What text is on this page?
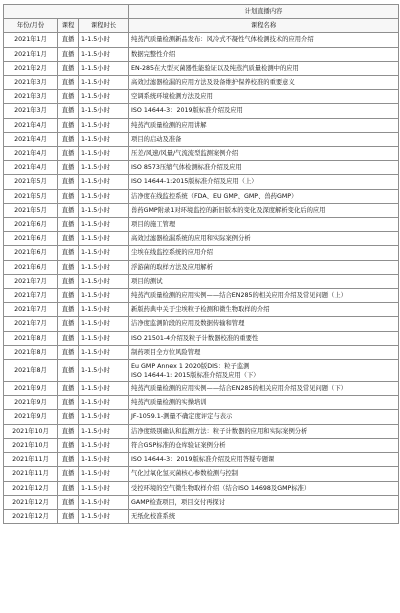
			计划直播内容
年份/月份	课程	课程时长	课程名称
2021年1月	直播	1-1.5小时	纯蒸汽质量检测新品发布：风冷式不凝性气体检测技术的应用介绍
2021年1月	直播	1-1.5小时	数据完整性介绍
2021年2月	直播	1-1.5小时	EN-285在大型灭菌器性能验证以及纯蒸汽质量检测中的应用
2021年3月	直播	1-1.5小时	高效过滤器检漏的应用方法及设备维护保养校准的重要意义
2021年3月	直播	1-1.5小时	空调系统环境检测方法及应用
2021年3月	直播	1-1.5小时	ISO 14644-3：2019版标准介绍及应用
2021年4月	直播	1-1.5小时	纯蒸汽质量检测的应用讲解
2021年4月	直播	1-1.5小时	项目的启动及准备
2021年4月	直播	1-1.5小时	压差/风速/风量/气流流型监测案例介绍
2021年4月	直播	1-1.5小时	ISO 8573压缩气体检测标准介绍及应用
2021年5月	直播	1-1.5小时	ISO 14644-1:2015版标准介绍及应用（上）
2021年5月	直播	1-1.5小时	洁净度在线监控系统（FDA、EU GMP、GMP、兽药GMP）
2021年5月	直播	1-1.5小时	兽药GMP附录1对环境监控的新旧版本的变化及深度解析变化后的应用
2021年6月	直播	1-1.5小时	项目的施工管理
2021年6月	直播	1-1.5小时	高效过滤器检漏系统的应用和实际案例分析
2021年6月	直播	1-1.5小时	尘埃在线监控系统的应用介绍
2021年6月	直播	1-1.5小时	浮游菌的取样方法及应用解析
2021年7月	直播	1-1.5小时	项目的测试
2021年7月	直播	1-1.5小时	纯蒸汽质量检测的应用实例——结合EN285的相关应用介绍及常见问题（上）
2021年7月	直播	1-1.5小时	新版药典中关于尘埃粒子检测和微生物取样的介绍
2021年7月	直播	1-1.5小时	洁净度监测阶段的应用及数据传输和管理
2021年8月	直播	1-1.5小时	ISO 21501-4介绍及粒子计数器校准的重要性
2021年8月	直播	1-1.5小时	制药项目全方位风险管理
2021年8月	直播	1-1.5小时	Eu GMP Annex 1 2020版DIS：粒子监测
ISO 14644-1: 2015版标准介绍及应用（下）
2021年9月	直播	1-1.5小时	纯蒸汽质量检测的应用实例——结合EN285的相关应用介绍及常见问题（下）
2021年9月	直播	1-1.5小时	纯蒸汽质量检测的实操培训
2021年9月	直播	1-1.5小时	JF-1059.1-测量不确定度评定与表示
2021年10月	直播	1-1.5小时	洁净度级别确认和监测方法：粒子计数器的应用和实际案例分析
2021年10月	直播	1-1.5小时	符合GSP标准的仓库验证案例分析
2021年11月	直播	1-1.5小时	ISO 14644-3：2019版标准介绍及应用答疑专题课
2021年11月	直播	1-1.5小时	气化过氧化氢灭菌核心参数检测与控制
2021年12月	直播	1-1.5小时	受控环境的空气微生物取样介绍（结合ISO 14698及GMP标准）
2021年12月	直播	1-1.5小时	GAMP检查项目，项目交付再探讨
2021年12月	直播	1-1.5小时	无纸化校准系统
